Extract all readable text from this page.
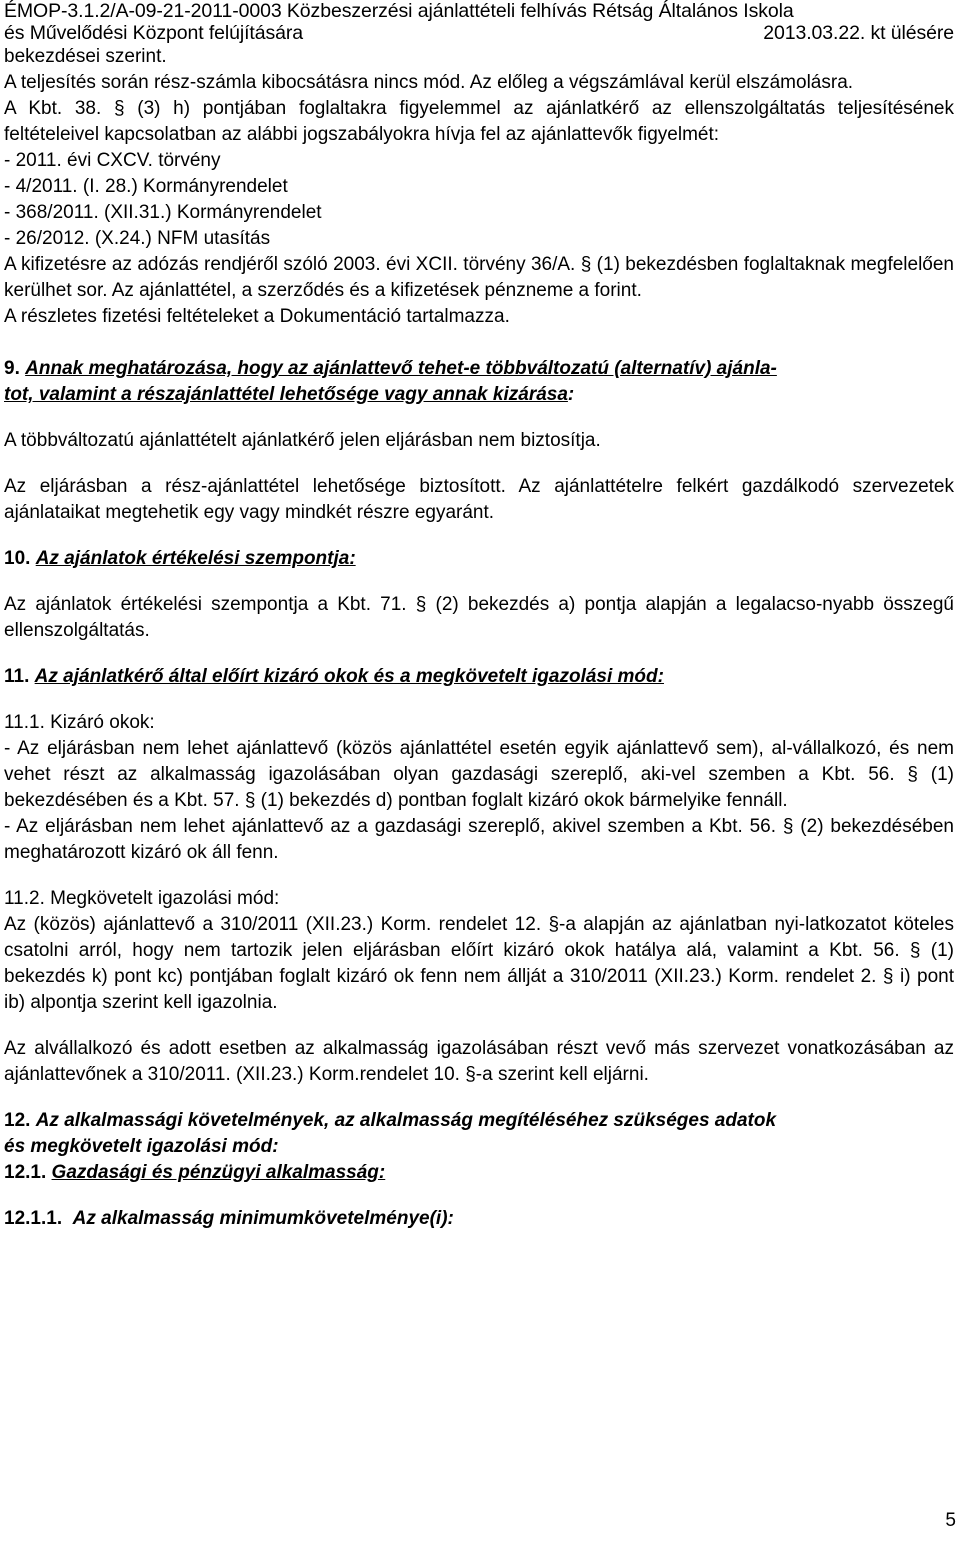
ÉMOP-3.1.2/A-09-21-2011-0003 Közbeszerzési ajánlattételi felhívás Rétság Általános Iskola
és Művelődési Központ felújítására	2013.03.22. kt ülésére

bekezdései szerint.

A teljesítés során rész-számla kibocsátásra nincs mód. Az előleg a végszámlával kerül elszámolásra.

A Kbt. 38. § (3) h) pontjában foglaltakra figyelemmel az ajánlatkérő az ellenszolgáltatás teljesítésének feltételeivel kapcsolatban az alábbi jogszabályokra hívja fel az ajánlattevők figyelmét:

- 2011. évi CXCV. törvény

- 4/2011. (I. 28.) Kormányrendelet

- 368/2011. (XII.31.) Kormányrendelet

- 26/2012. (X.24.) NFM utasítás

A kifizetésre az adózás rendjéről szóló 2003. évi XCII. törvény 36/A. § (1) bekezdésben foglaltaknak megfelelően kerülhet sor. Az ajánlattétel, a szerződés és a kifizetések pénzneme a forint.

A részletes fizetési feltételeket a Dokumentáció tartalmazza.

9. Annak meghatározása, hogy az ajánlattevő tehet-e többváltozatú (alternatív) ajánla-

tot, valamint a részajánlattétel lehetősége vagy annak kizárása:

A többváltozatú ajánlattételt ajánlatkérő jelen eljárásban nem biztosítja.

Az eljárásban a rész-ajánlattétel lehetősége biztosított. Az ajánlattételre felkért gazdálkodó szervezetek ajánlataikat megtehetik egy vagy mindkét részre egyaránt.

10. Az ajánlatok értékelési szempontja:

Az ajánlatok értékelési szempontja a Kbt. 71. § (2) bekezdés a) pontja alapján a legalacso-nyabb összegű ellenszolgáltatás.

11. Az ajánlatkérő által előírt kizáró okok és a megkövetelt igazolási mód:

11.1. Kizáró okok:

- Az eljárásban nem lehet ajánlattevő (közös ajánlattétel esetén egyik ajánlattevő sem), al-vállalkozó, és nem vehet részt az alkalmasság igazolásában olyan gazdasági szereplő, aki-vel szemben a Kbt. 56. § (1) bekezdésében és a Kbt. 57. § (1) bekezdés d) pontban foglalt kizáró okok bármelyike fennáll.

- Az eljárásban nem lehet ajánlattevő az a gazdasági szereplő, akivel szemben a Kbt. 56. § (2) bekezdésében meghatározott kizáró ok áll fenn.

11.2. Megkövetelt igazolási mód:

Az (közös) ajánlattevő a 310/2011 (XII.23.) Korm. rendelet 12. §-a alapján az ajánlatban nyi-latkozatot köteles csatolni arról, hogy nem tartozik jelen eljárásban előírt kizáró okok hatálya alá, valamint a Kbt. 56. § (1) bekezdés k) pont kc) pontjában foglalt kizáró ok fenn nem állját a 310/2011 (XII.23.) Korm. rendelet 2. § i) pont ib) alpontja szerint kell igazolnia.

Az alvállalkozó és adott esetben az alkalmasság igazolásában részt vevő más szervezet vonatkozásában az ajánlattevőnek a 310/2011. (XII.23.) Korm.rendelet 10. §-a szerint kell eljárni.

12. Az alkalmassági követelmények, az alkalmasság megítéléséhez szükséges adatok

és megkövetelt igazolási mód:

12.1. Gazdasági és pénzügyi alkalmasság:

12.1.1. Az alkalmasság minimumkövetelménye(i):

5
